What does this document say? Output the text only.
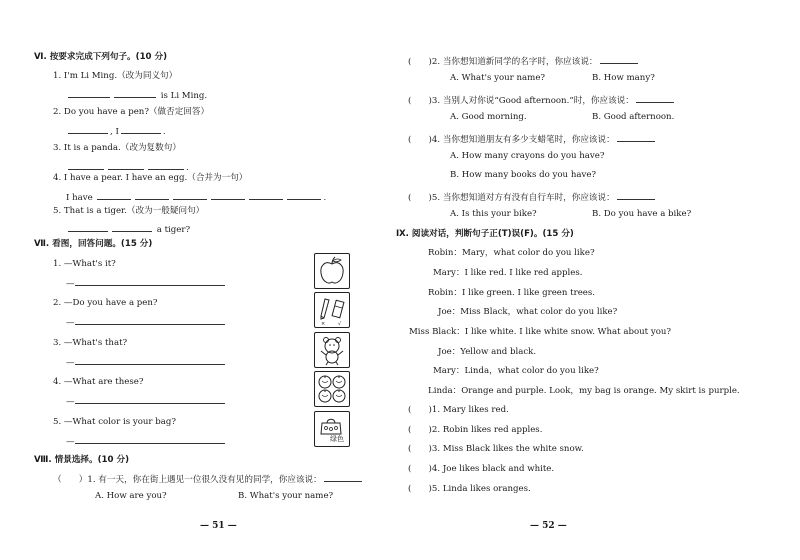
Ⅵ. 按要求完成下列句子。(10 分)
1. I'm Li Ming.（改为同义句）
is Li Ming.
2. Do you have a pen?（做否定回答）
, I	.
3. It is a panda.（改为复数句）
.
4. I have a pear. I have an egg.（合并为一句）
I have	.
5. That is a tiger.（改为一般疑问句）
a tiger?
Ⅶ. 看图，回答问题。(15 分)
1. —What's it?
—
2. —Do you have a pen?
—
3. —What's that?
—
4. —What are these?
—
5. —What color is your bag?
—
×	√
绿色
Ⅷ. 情景选择。(10 分)
（　　）1. 有一天，你在街上遇见一位很久没有见的同学，你应该说：
A. How are you?	B. What's your name?
— 51 —
(　　)2. 当你想知道新同学的名字时，你应该说：
A. What's your name?	B. How many?
(　　)3. 当别人对你说“Good afternoon.”时，你应该说：
A. Good morning.	B. Good afternoon.
(　　)4. 当你想知道朋友有多少支蜡笔时，你应该说：
A. How many crayons do you have?
B. How many books do you have?
(　　)5. 当你想知道对方有没有自行车时，你应该说：
A. Is this your bike?	B. Do you have a bike?
Ⅸ. 阅读对话，判断句子正(T)误(F)。(15 分)
Robin：Mary，what color do you like?
Mary：I like red. I like red apples.
Robin：I like green. I like green trees.
Joe：Miss Black，what color do you like?
Miss Black：I like white. I like white snow. What about you?
Joe：Yellow and black.
Mary：Linda，what color do you like?
Linda：Orange and purple. Look，my bag is orange. My skirt is purple.
(　　)1. Mary likes red.
(　　)2. Robin likes red apples.
(　　)3. Miss Black likes the white snow.
(　　)4. Joe likes black and white.
(　　)5. Linda likes oranges.
— 52 —
